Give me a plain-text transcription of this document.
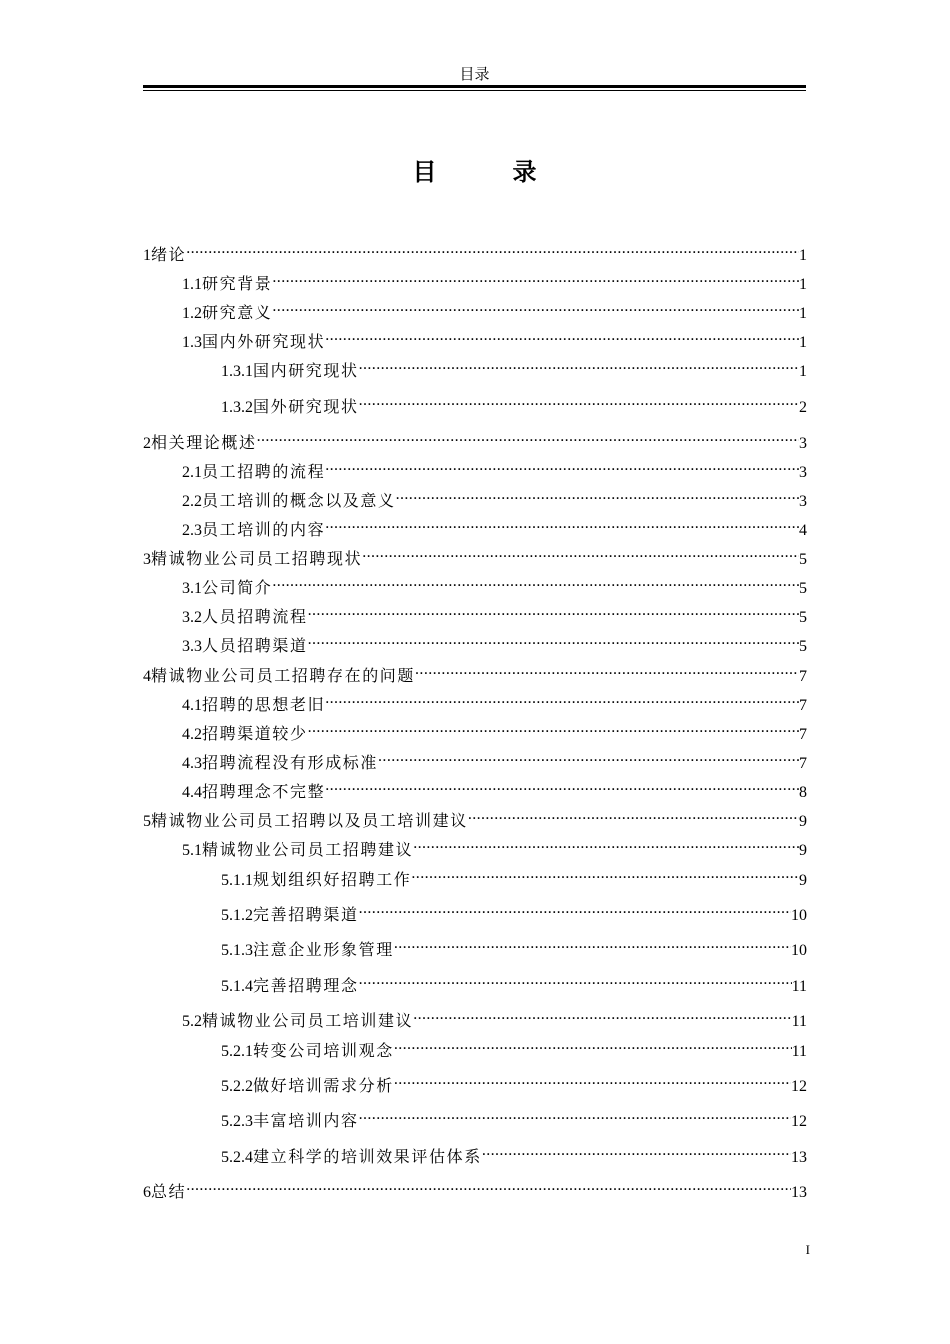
目录
目　录
1 绪论 .....	1
1.1 研究背景 .....	1
1.2 研究意义 .....	1
1.3 国内外研究现状 .....	1
1.3.1 国内研究现状 .....	1
1.3.2 国外研究现状 .....	2
2 相关理论概述 .....	3
2.1 员工招聘的流程 .....	3
2.2 员工培训的概念以及意义 .....	3
2.3 员工培训的内容 .....	4
3 精诚物业公司员工招聘现状 .....	5
3.1 公司简介 .....	5
3.2 人员招聘流程 .....	5
3.3 人员招聘渠道 .....	5
4 精诚物业公司员工招聘存在的问题 .....	7
4.1 招聘的思想老旧 .....	7
4.2 招聘渠道较少 .....	7
4.3 招聘流程没有形成标准 .....	7
4.4 招聘理念不完整 .....	8
5 精诚物业公司员工招聘以及员工培训建议 .....	9
5.1 精诚物业公司员工招聘建议 .....	9
5.1.1 规划组织好招聘工作 .....	9
5.1.2 完善招聘渠道 .....	10
5.1.3 注意企业形象管理 .....	10
5.1.4 完善招聘理念 .....	11
5.2 精诚物业公司员工培训建议 .....	11
5.2.1 转变公司培训观念 .....	11
5.2.2 做好培训需求分析 .....	12
5.2.3 丰富培训内容 .....	12
5.2.4 建立科学的培训效果评估体系 .....	13
6 总结 .....	13
I
